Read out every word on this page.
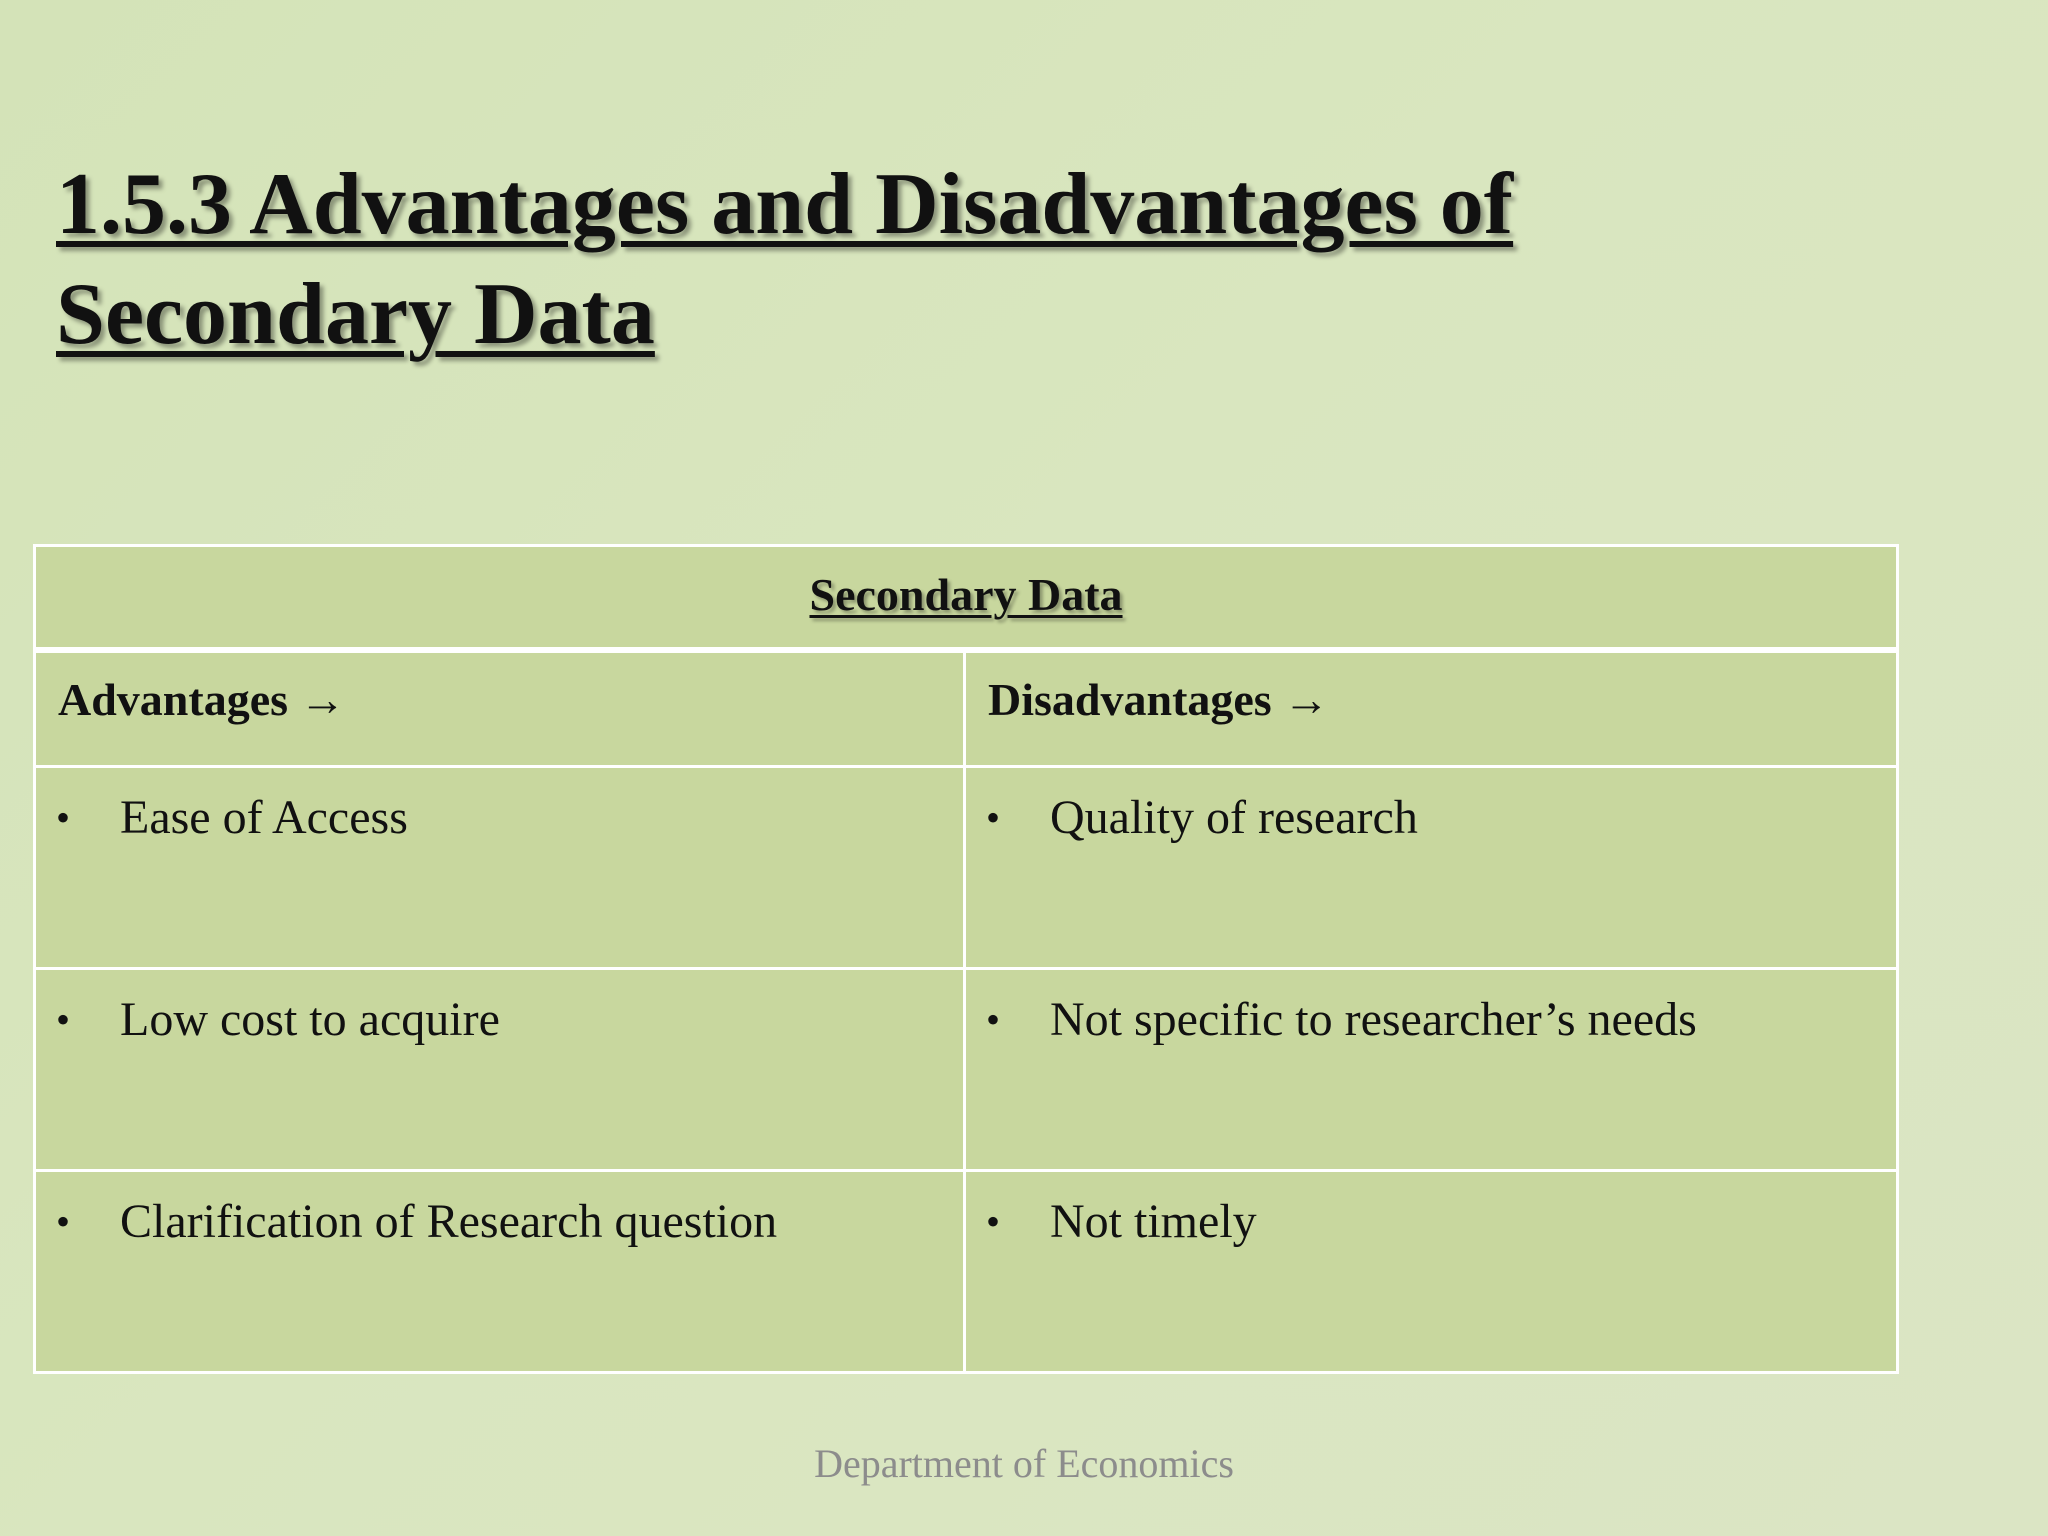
1.5.3 Advantages and Disadvantages of Secondary Data
Secondary Data	
Advantages →	Disadvantages →

• Ease of Access	• Quality of research

• Low cost to acquire	• Not specific to researcher’s needs

• Clarification of Research question	• Not timely
Department of Economics
